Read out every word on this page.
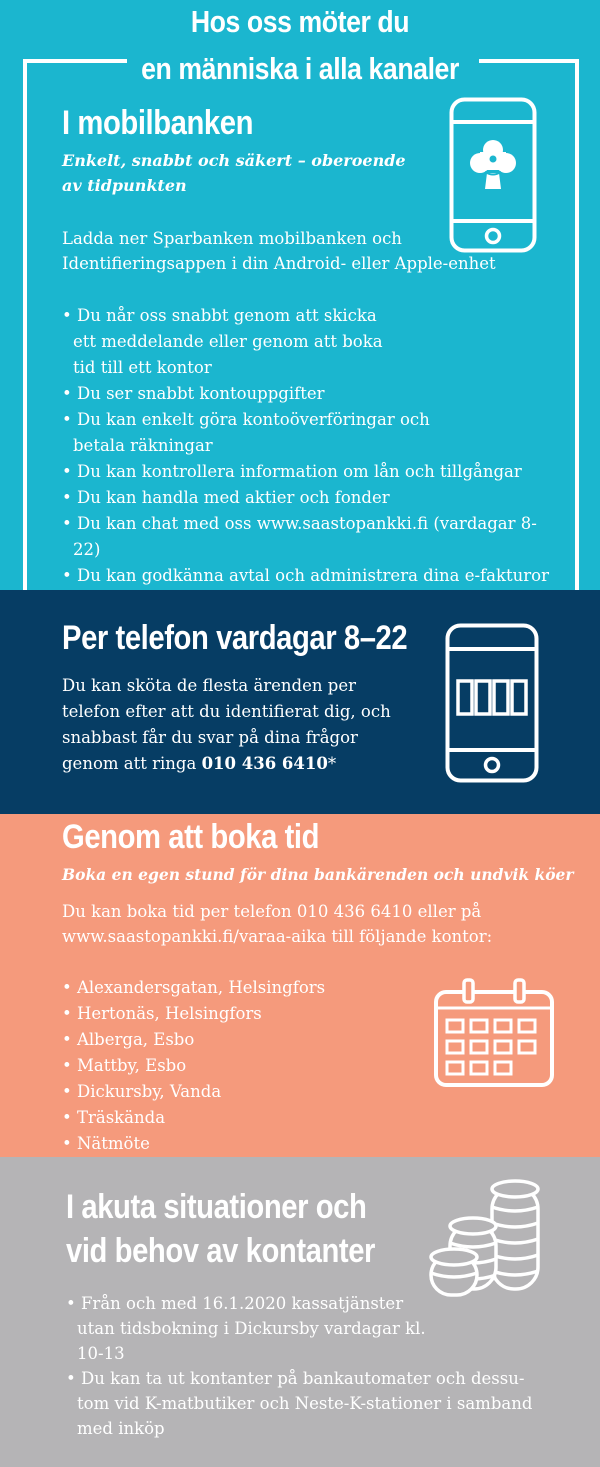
I mobilbanken
Enkelt, snabbt och säkert – oberoende
av tidpunkten
Ladda ner Sparbanken mobilbanken och
Identifieringsappen i din Android- eller Apple-enhet
• Du når oss snabbt genom att skicka ett meddelande eller genom att boka tid till ett kontor
• Du ser snabbt kontouppgifter
• Du kan enkelt göra kontoöverföringar och betala räkningar
• Du kan kontrollera information om lån och tillgångar
• Du kan handla med aktier och fonder
• Du kan chat med oss www.saastopankki.fi (vardagar 8-22)
• Du kan godkänna avtal och administrera dina e-fakturor
•
Hos oss möter du
en människa i alla kanaler
Per telefon vardagar 8–22

Du kan sköta de flesta ärenden per telefon efter att du identifierat dig, och snabbast får du svar på dina frågor genom att ringa 010 436 6410*

Genom att boka tid
Boka en egen stund för dina bankärenden och undvik köer

Du kan boka tid per telefon 010 436 6410 eller på www.saastopankki.fi/varaa-aika till följande kontor:

• Alexandersgatan, Helsingfors
• Hertonäs, Helsingfors
• Alberga, Esbo
• Mattby, Esbo
• Dickursby, Vanda
• Träskända
• Nätmöte
I akuta situationer och
vid behov av kontanter
• Från och med 16.1.2020 kassatjänster utan tidsbokning i Dickursby vardagar kl. 10-13
• Du kan ta ut kontanter på bankautomater och dessu- tom vid K-matbutiker och Neste-K-stationer i samband med inköp
